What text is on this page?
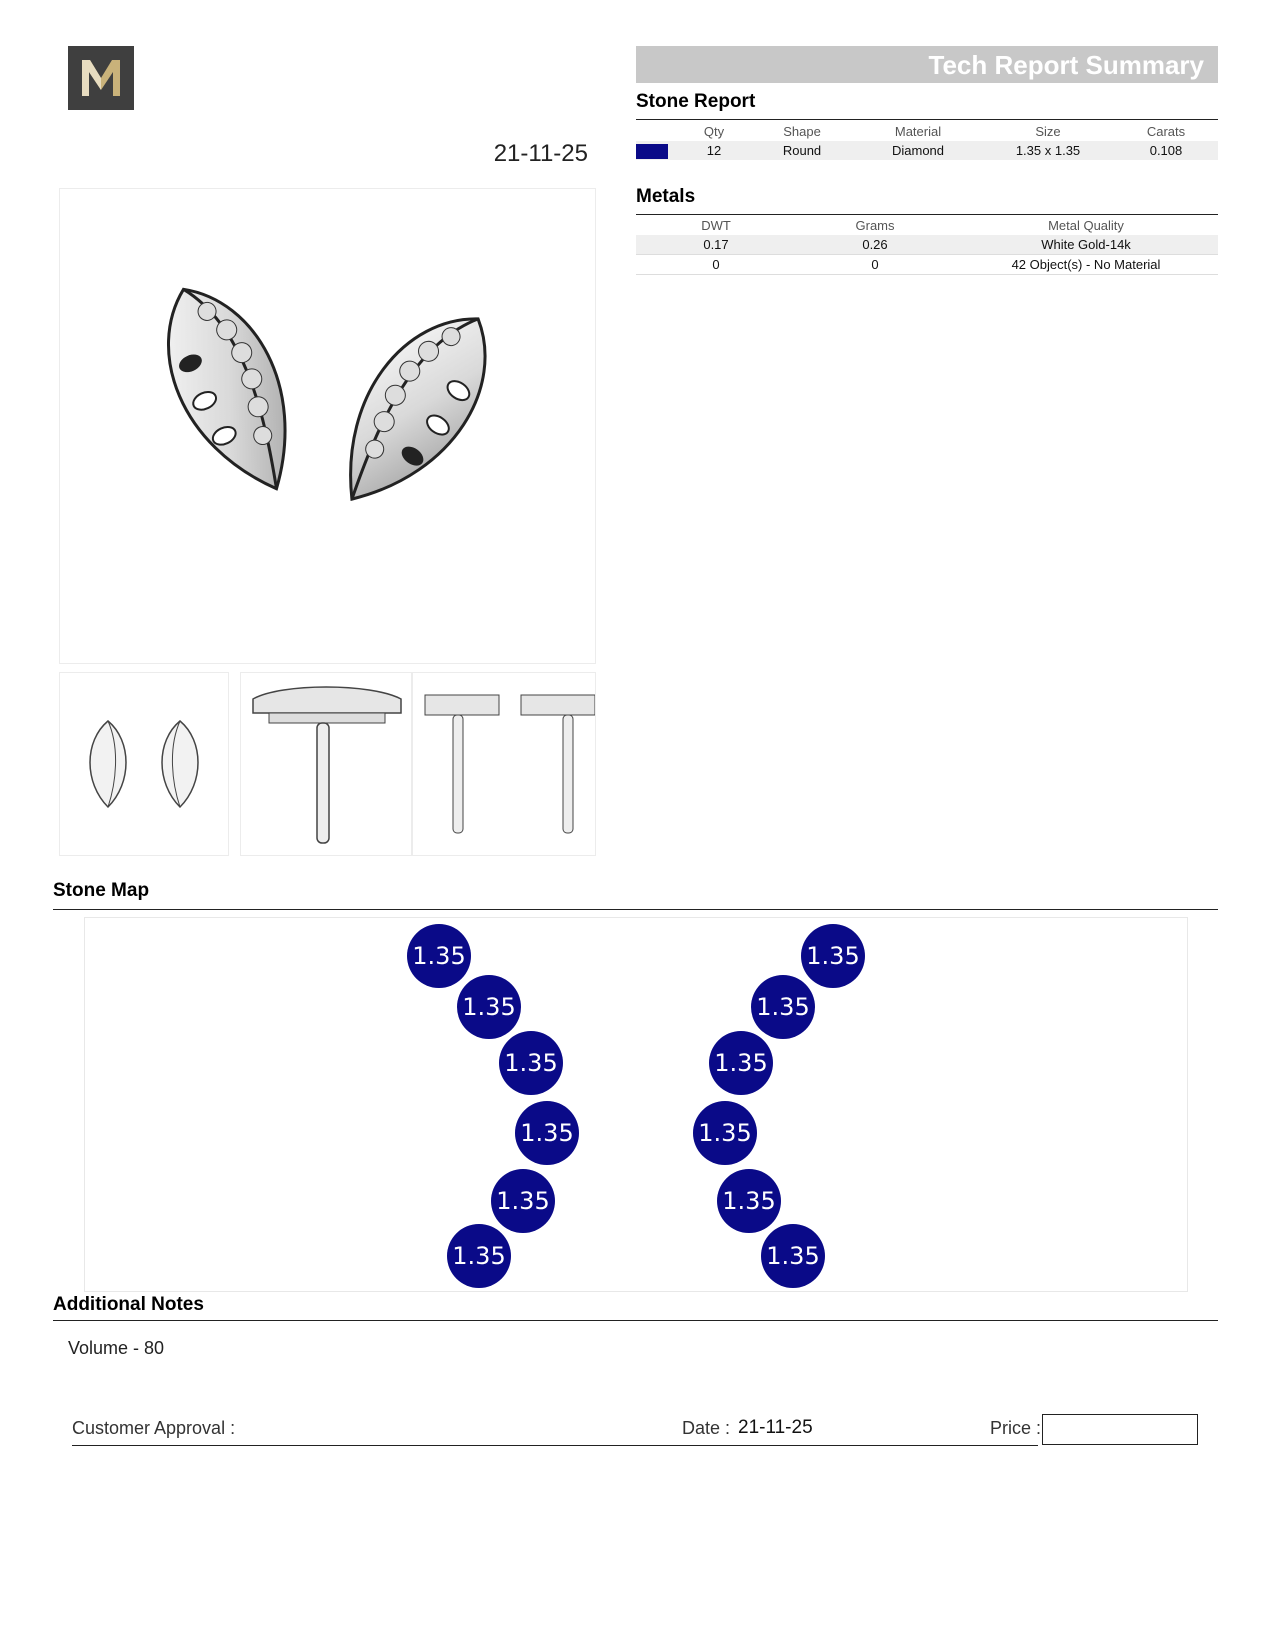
21-11-25
Tech Report Summary
Stone Report
	Qty	Shape	Material	Size	Carats
	12	Round	Diamond	1.35 x 1.35	0.108
Metals
DWT	Grams	Metal Quality
0.17	0.26	White Gold-14k
0	0	42 Object(s) - No Material
Stone Map
1.35
1.35
1.35
1.35
1.35
1.35
1.35
1.35
1.35
1.35
1.35
1.35
Additional Notes
Volume - 80
Customer Approval :	Date : 21-11-25	Price :
